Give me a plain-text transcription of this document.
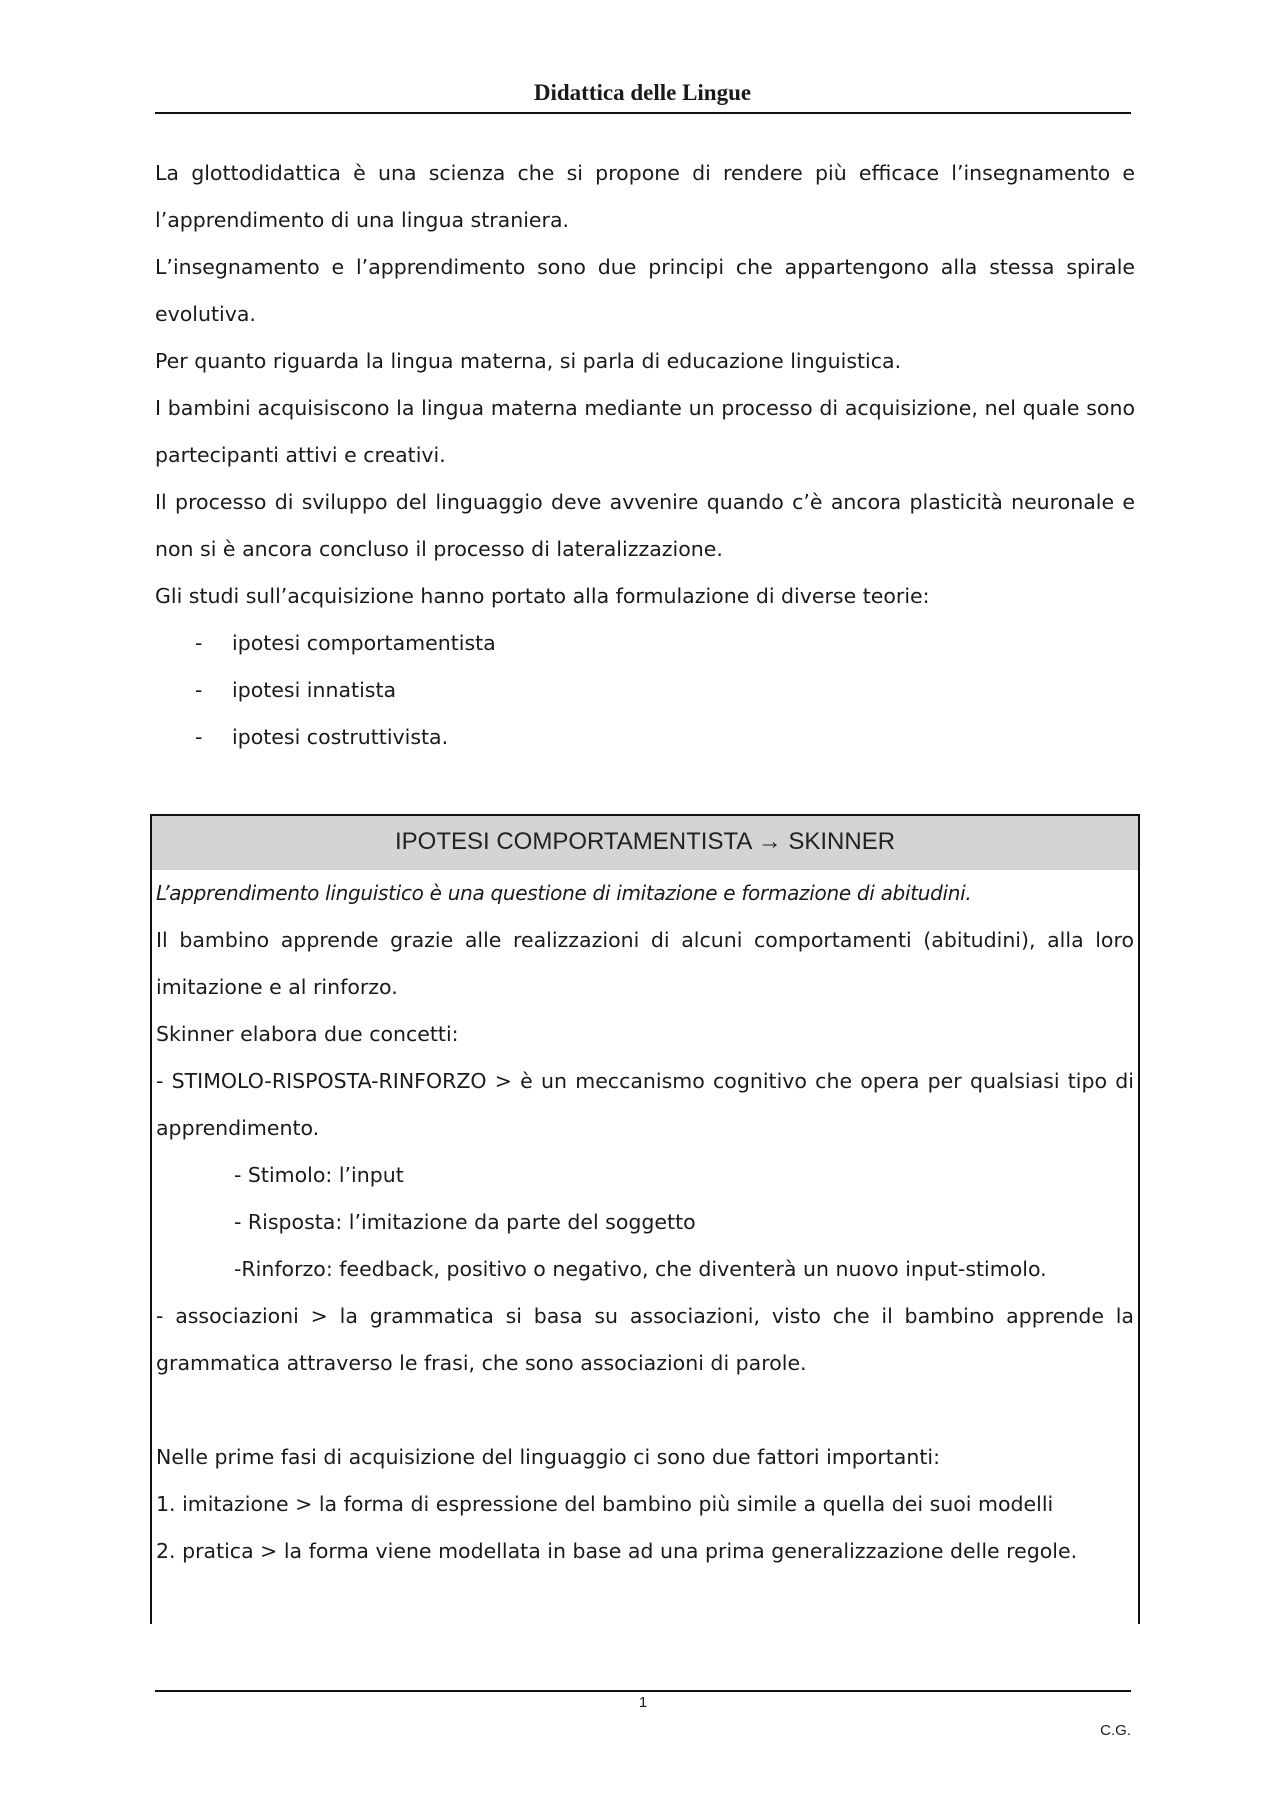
Didattica delle Lingue

La glottodidattica è una scienza che si propone di rendere più efficace l’insegnamento e l’apprendimento di una lingua straniera.

L’insegnamento e l’apprendimento sono due principi che appartengono alla stessa spirale evolutiva.

Per quanto riguarda la lingua materna, si parla di educazione linguistica.

I bambini acquisiscono la lingua materna mediante un processo di acquisizione, nel quale sono partecipanti attivi e creativi.

Il processo di sviluppo del linguaggio deve avvenire quando c’è ancora plasticità neuronale e non si è ancora concluso il processo di lateralizzazione.

Gli studi sull’acquisizione hanno portato alla formulazione di diverse teorie:

- ipotesi comportamentista
- ipotesi innatista
- ipotesi costruttivista.
IPOTESI COMPORTAMENTISTA → SKINNER

L’apprendimento linguistico è una questione di imitazione e formazione di abitudini.

Il bambino apprende grazie alle realizzazioni di alcuni comportamenti (abitudini), alla loro imitazione e al rinforzo.

Skinner elabora due concetti:

- STIMOLO-RISPOSTA-RINFORZO > è un meccanismo cognitivo che opera per qualsiasi tipo di apprendimento.

- Stimolo: l’input

- Risposta: l’imitazione da parte del soggetto

-Rinforzo: feedback, positivo o negativo, che diventerà un nuovo input-stimolo.

- associazioni > la grammatica si basa su associazioni, visto che il bambino apprende la grammatica attraverso le frasi, che sono associazioni di parole.

Nelle prime fasi di acquisizione del linguaggio ci sono due fattori importanti:

1. imitazione > la forma di espressione del bambino più simile a quella dei suoi modelli

2. pratica > la forma viene modellata in base ad una prima generalizzazione delle regole.

1
C.G.
